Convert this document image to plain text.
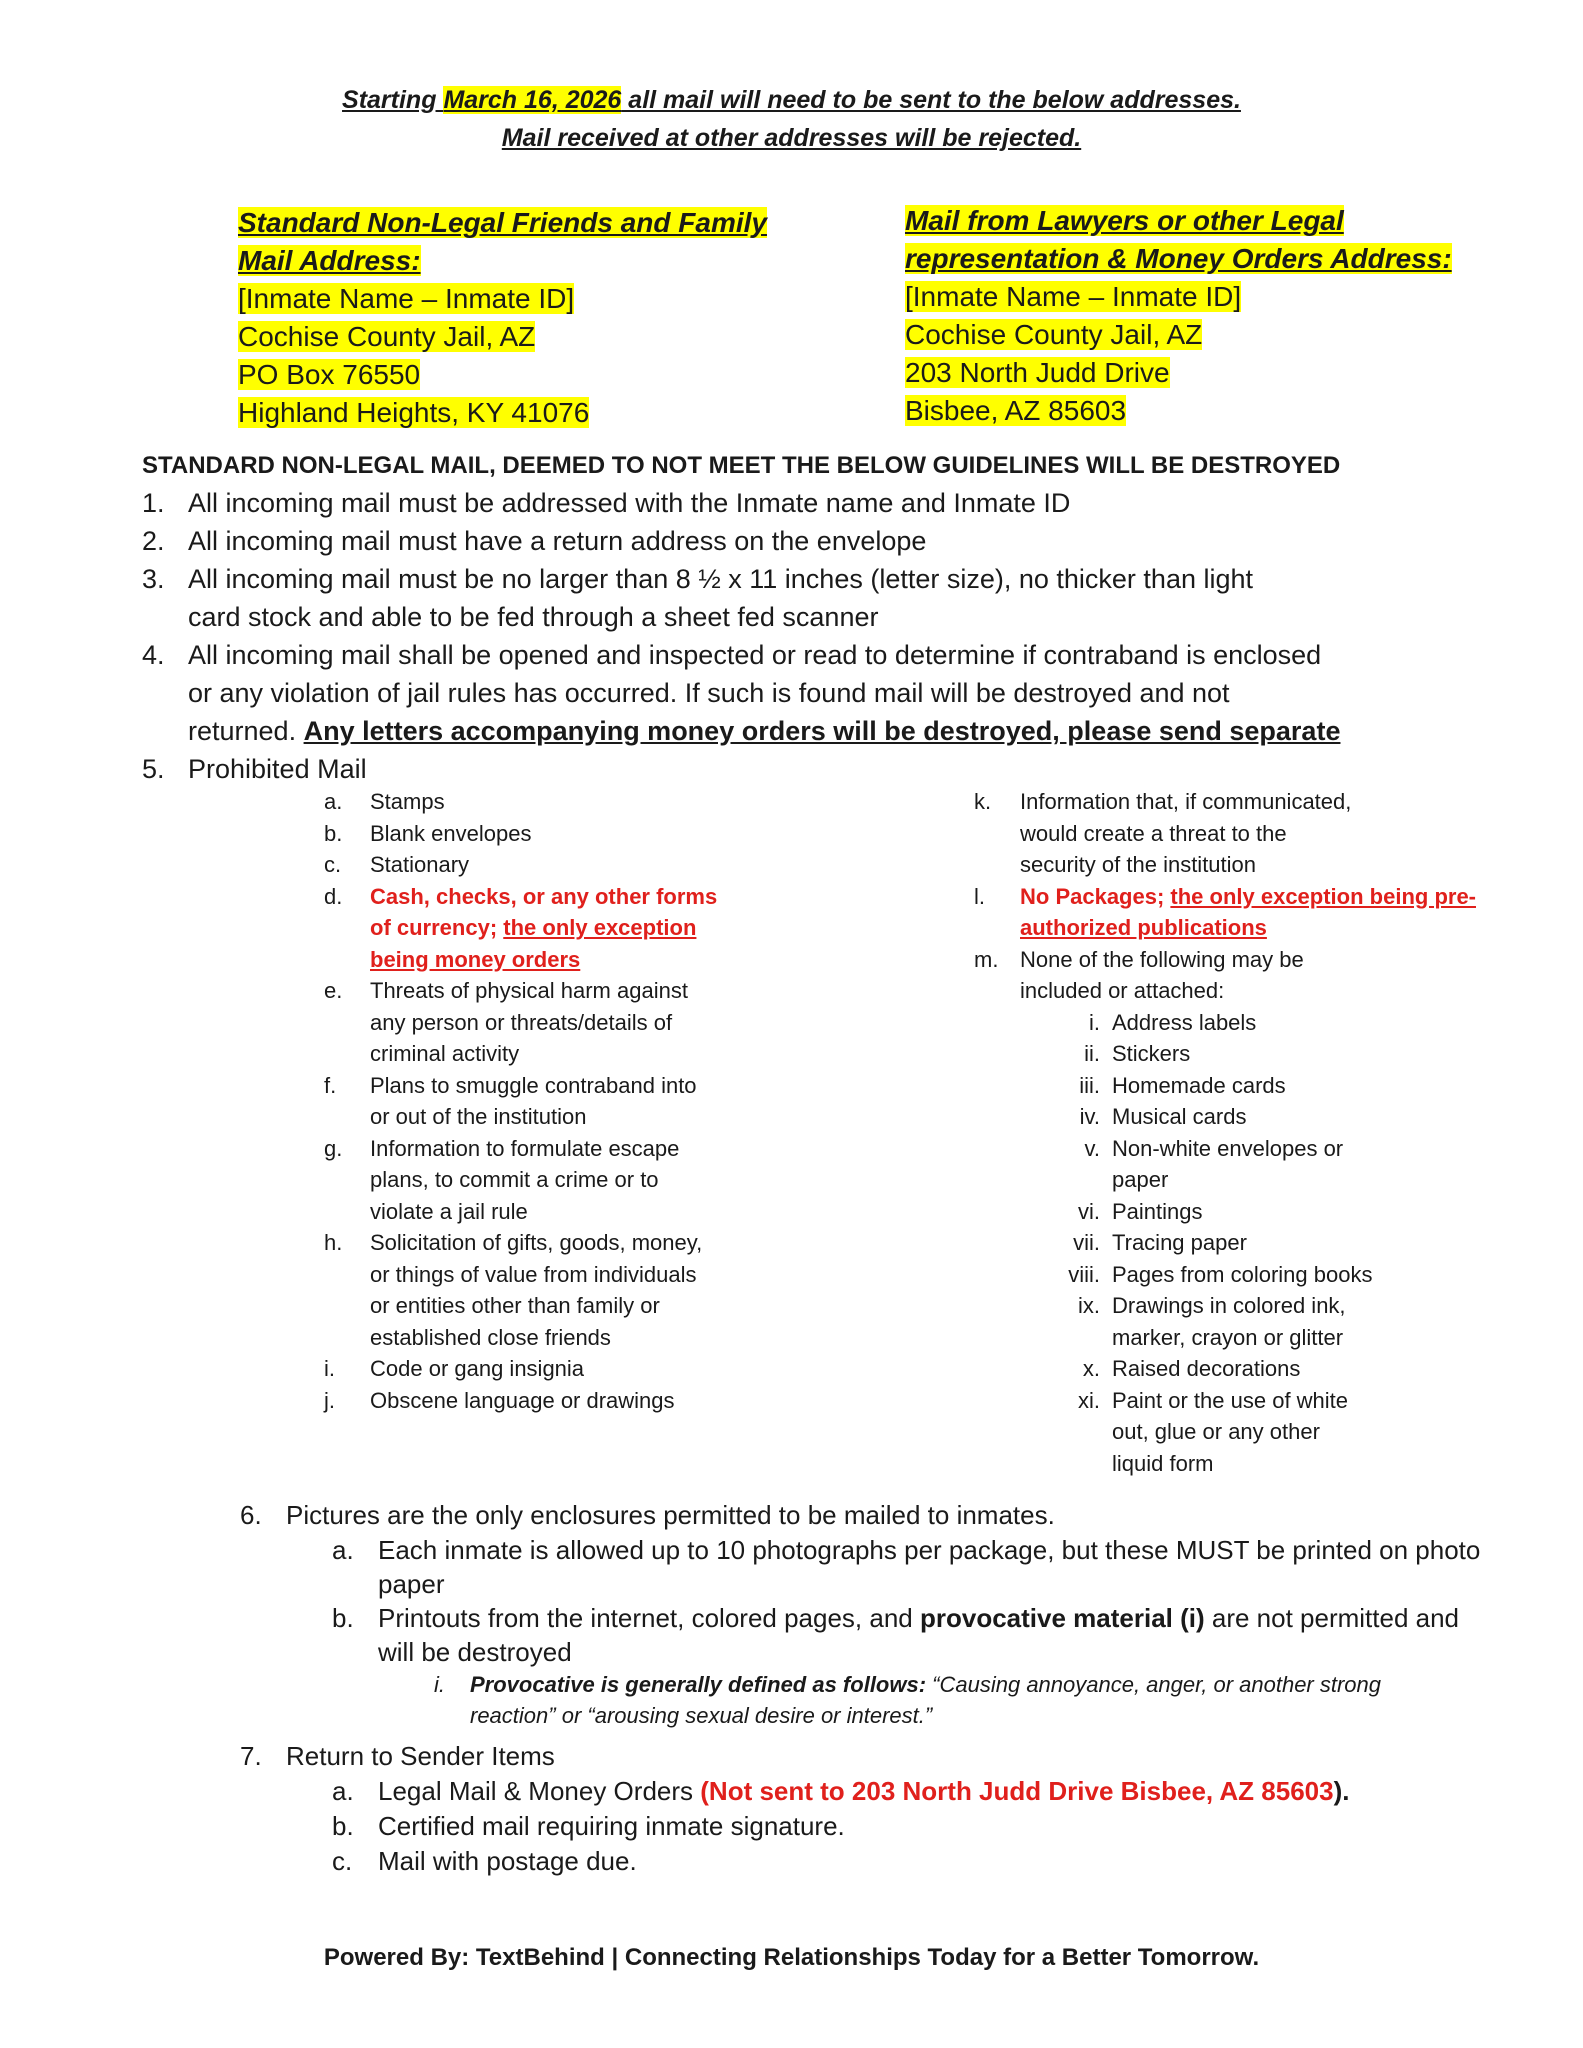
Starting March 16, 2026 all mail will need to be sent to the below addresses.
Mail received at other addresses will be rejected.
Standard Non-Legal Friends and Family
Mail Address:
[Inmate Name – Inmate ID]
Cochise County Jail, AZ
PO Box 76550
Highland Heights, KY 41076
Mail from Lawyers or other Legal
representation & Money Orders Address:
[Inmate Name – Inmate ID]
Cochise County Jail, AZ
203 North Judd Drive
Bisbee, AZ 85603
STANDARD NON-LEGAL MAIL, DEEMED TO NOT MEET THE BELOW GUIDELINES WILL BE DESTROYED
1. All incoming mail must be addressed with the Inmate name and Inmate ID
2. All incoming mail must have a return address on the envelope
3. All incoming mail must be no larger than 8 ½ x 11 inches (letter size), no thicker than light
card stock and able to be fed through a sheet fed scanner
4. All incoming mail shall be opened and inspected or read to determine if contraband is enclosed
or any violation of jail rules has occurred. If such is found mail will be destroyed and not
returned. Any letters accompanying money orders will be destroyed, please send separate
5. Prohibited Mail
a. Stamps
b. Blank envelopes
c. Stationary
d. Cash, checks, or any other forms
of currency; the only exception
being money orders
e. Threats of physical harm against
any person or threats/details of
criminal activity
f. Plans to smuggle contraband into
or out of the institution
g. Information to formulate escape
plans, to commit a crime or to
violate a jail rule
h. Solicitation of gifts, goods, money,
or things of value from individuals
or entities other than family or
established close friends
i. Code or gang insignia
j. Obscene language or drawings
k. Information that, if communicated,
would create a threat to the
security of the institution
l. No Packages; the only exception being pre-
authorized publications
m. None of the following may be
included or attached:
i. Address labels
ii. Stickers
iii. Homemade cards
iv. Musical cards
v. Non-white envelopes or
paper
vi. Paintings
vii. Tracing paper
viii. Pages from coloring books
ix. Drawings in colored ink,
marker, crayon or glitter
x. Raised decorations
xi. Paint or the use of white
out, glue or any other
liquid form
6. Pictures are the only enclosures permitted to be mailed to inmates.
a. Each inmate is allowed up to 10 photographs per package, but these MUST be printed on photo
paper
b. Printouts from the internet, colored pages, and provocative material (i) are not permitted and
will be destroyed
i. Provocative is generally defined as follows: “Causing annoyance, anger, or another strong
reaction” or “arousing sexual desire or interest.”
7. Return to Sender Items
a. Legal Mail & Money Orders (Not sent to 203 North Judd Drive Bisbee, AZ 85603).
b. Certified mail requiring inmate signature.
c. Mail with postage due.
Powered By: TextBehind | Connecting Relationships Today for a Better Tomorrow.
